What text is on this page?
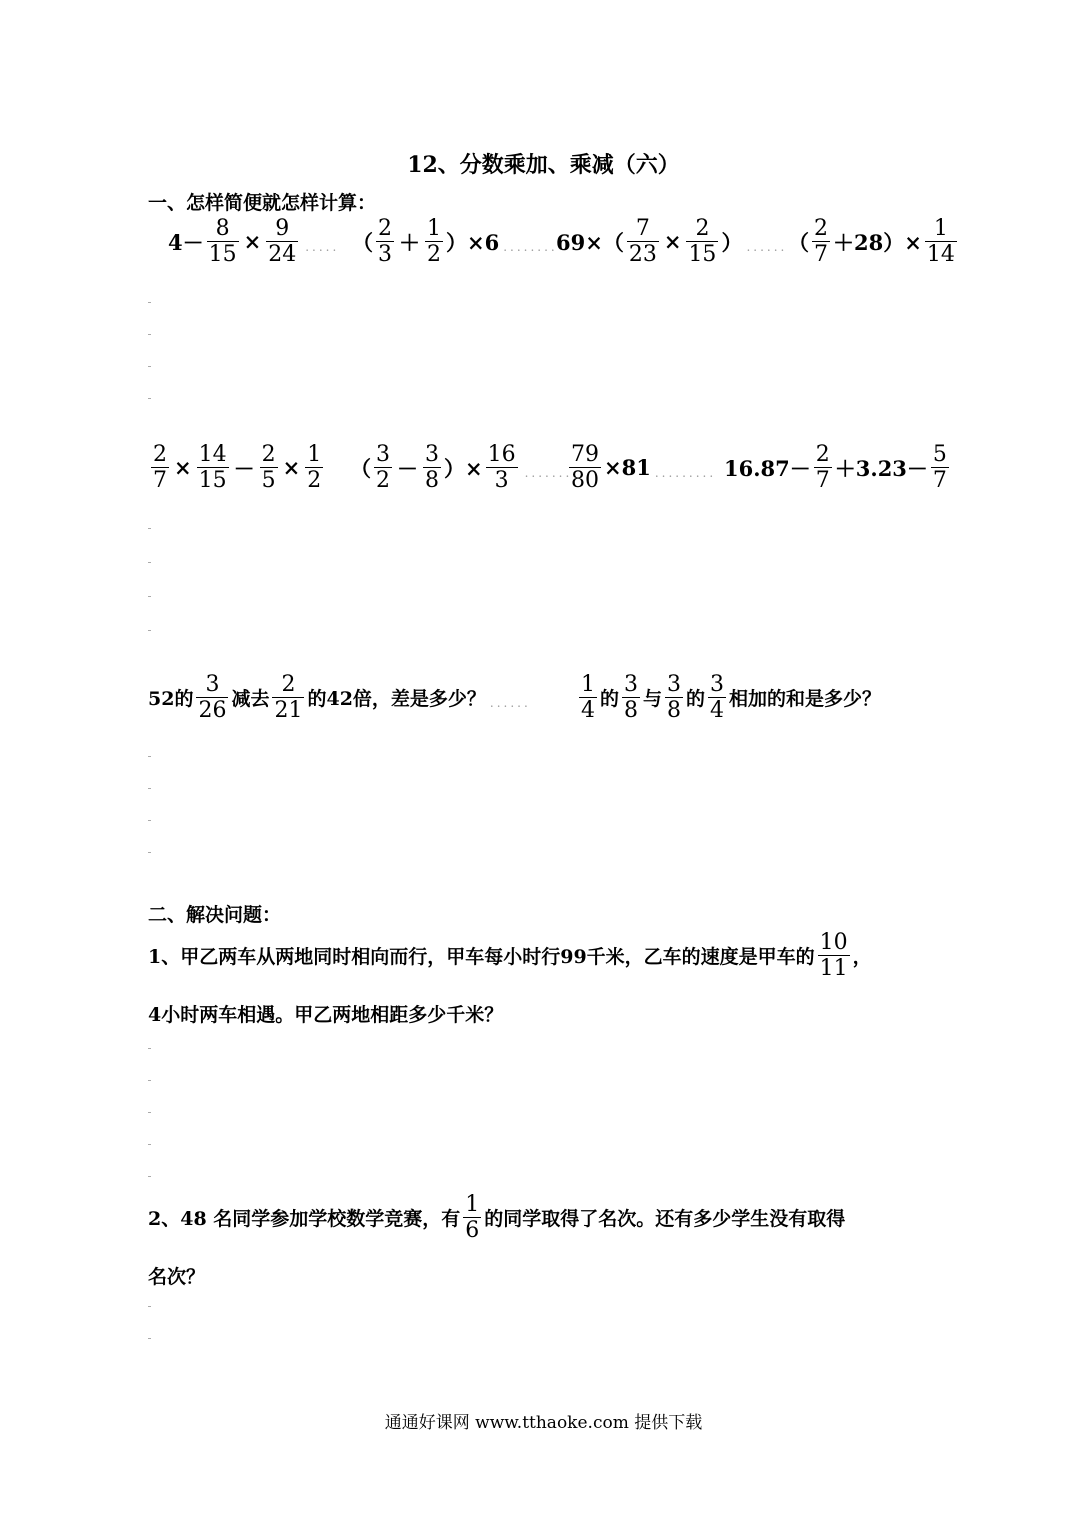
12、分数乘加、乘减（六）
一、怎样简便就怎样计算：
$4- \frac{8}{15} \times \frac{9}{24}$ ..... （ $\frac{2}{3} + \frac{1}{2} )\times 6$ ........
$69\times( \frac{7}{23} \times \frac{2}{15}$ ） ...... （ $\frac{2}{7} +28)\times \frac{1}{14}$
$\frac{2}{7} \times \frac{14}{15} - \frac{2}{5} \times \frac{1}{2}$ （ $\frac{3}{2} - \frac{3}{8}$ ）× $\frac{16}{3}$ .........
$\frac{79}{80} \times 81$ ......... $16.87- \frac{2}{7} +3.23- \frac{5}{7}$
52的 $\frac{3}{26}$ 减去 $\frac{2}{21}$ 的42倍，差是多少？ ...... $\frac{1}{4}$ 的 $\frac{3}{8}$ 与 $\frac{3}{8}$ 的 $\frac{3}{4}$ 相加的和是多少？
二、解决问题：
1、甲乙两车从两地同时相向而行，甲车每小时行99千米，乙车的速度是甲车的 $\frac{10}{11}$ ，
4小时两车相遇。甲乙两地相距多少千米？
2、48 名同学参加学校数学竞赛，有 $\frac{1}{6}$ 的同学取得了名次。还有多少学生没有取得
名次？
通通好课网 www.tthaoke.com 提供下载
